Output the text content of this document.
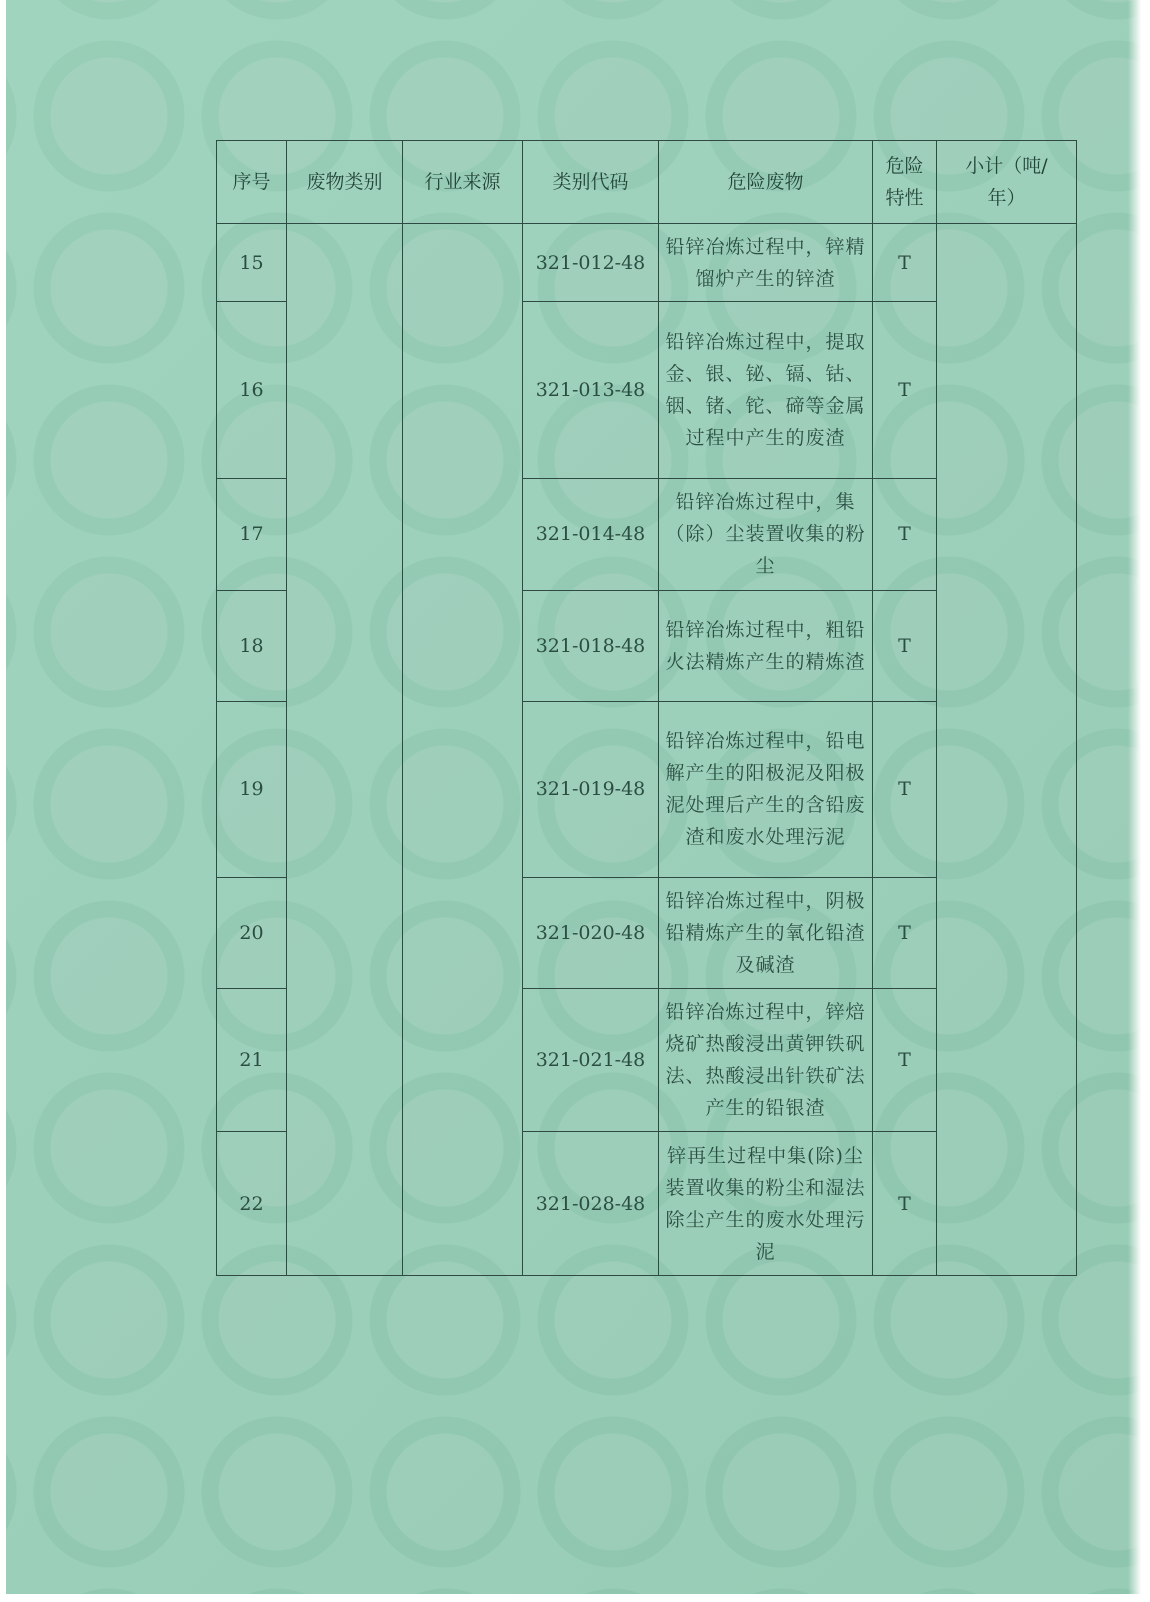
序号	废物类别	行业来源	类别代码	危险废物	危险特性	小计（吨/年）
15			321-012-48	铅锌冶炼过程中，锌精馏炉产生的锌渣	T	
16			321-013-48	铅锌冶炼过程中，提取金、银、铋、镉、钴、铟、锗、铊、碲等金属过程中产生的废渣	T	
17			321-014-48	铅锌冶炼过程中，集（除）尘装置收集的粉尘	T	
18			321-018-48	铅锌冶炼过程中，粗铅火法精炼产生的精炼渣	T	
19			321-019-48	铅锌冶炼过程中，铅电解产生的阳极泥及阳极泥处理后产生的含铅废渣和废水处理污泥	T	
20			321-020-48	铅锌冶炼过程中，阴极铅精炼产生的氧化铅渣及碱渣	T	
21			321-021-48	铅锌冶炼过程中，锌焙烧矿热酸浸出黄钾铁矾法、热酸浸出针铁矿法产生的铅银渣	T	
22			321-028-48	锌再生过程中集(除)尘装置收集的粉尘和湿法除尘产生的废水处理污泥	T	
